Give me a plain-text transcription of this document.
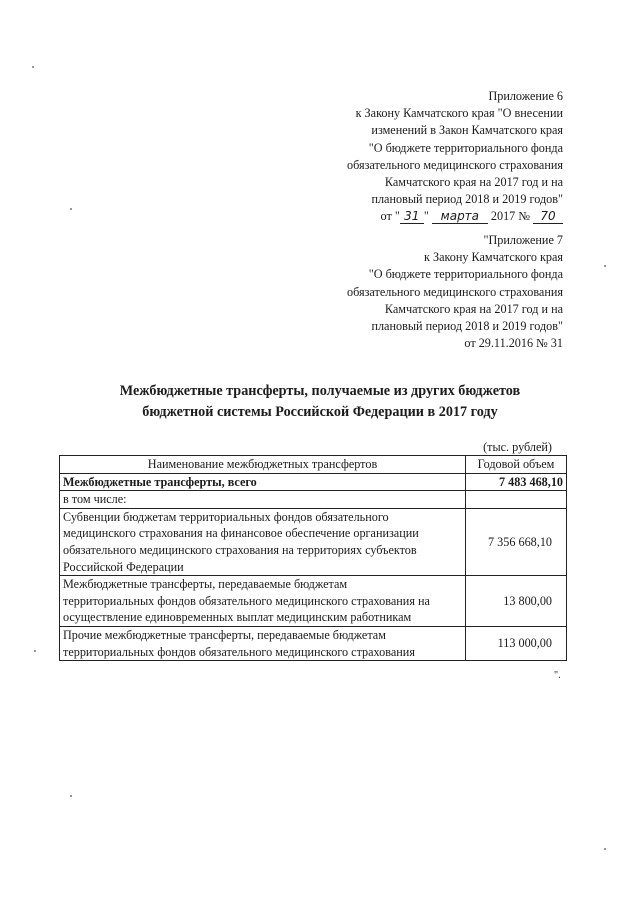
Приложение 6
к Закону Камчатского края "О внесении
изменений в Закон Камчатского края
"О бюджете территориального фонда
обязательного медицинского страхования
Камчатского края на 2017 год и на
плановый период 2018 и 2019 годов"
от " 31 " марта 2017 № 70
"Приложение 7
к Закону Камчатского края
"О бюджете территориального фонда
обязательного медицинского страхования
Камчатского края на 2017 год и на
плановый период 2018 и 2019 годов"
от 29.11.2016 № 31
Межбюджетные трансферты, получаемые из других бюджетов
бюджетной системы Российской Федерации в 2017 году
(тыс. рублей)
Наименование межбюджетных трансфертов	Годовой объем
Межбюджетные трансферты, всего	7 483 468,10
в том числе:	

Субвенции бюджетам территориальных фондов обязательного
медицинского страхования на финансовое обеспечение организации
обязательного медицинского страхования на территориях субъектов
Российской Федерации	7 356 668,10

Межбюджетные трансферты, передаваемые бюджетам
территориальных фондов обязательного медицинского страхования на
осуществление единовременных выплат медицинским работникам	13 800,00

Прочие межбюджетные трансферты, передаваемые бюджетам
территориальных фондов обязательного медицинского страхования	113 000,00
".
